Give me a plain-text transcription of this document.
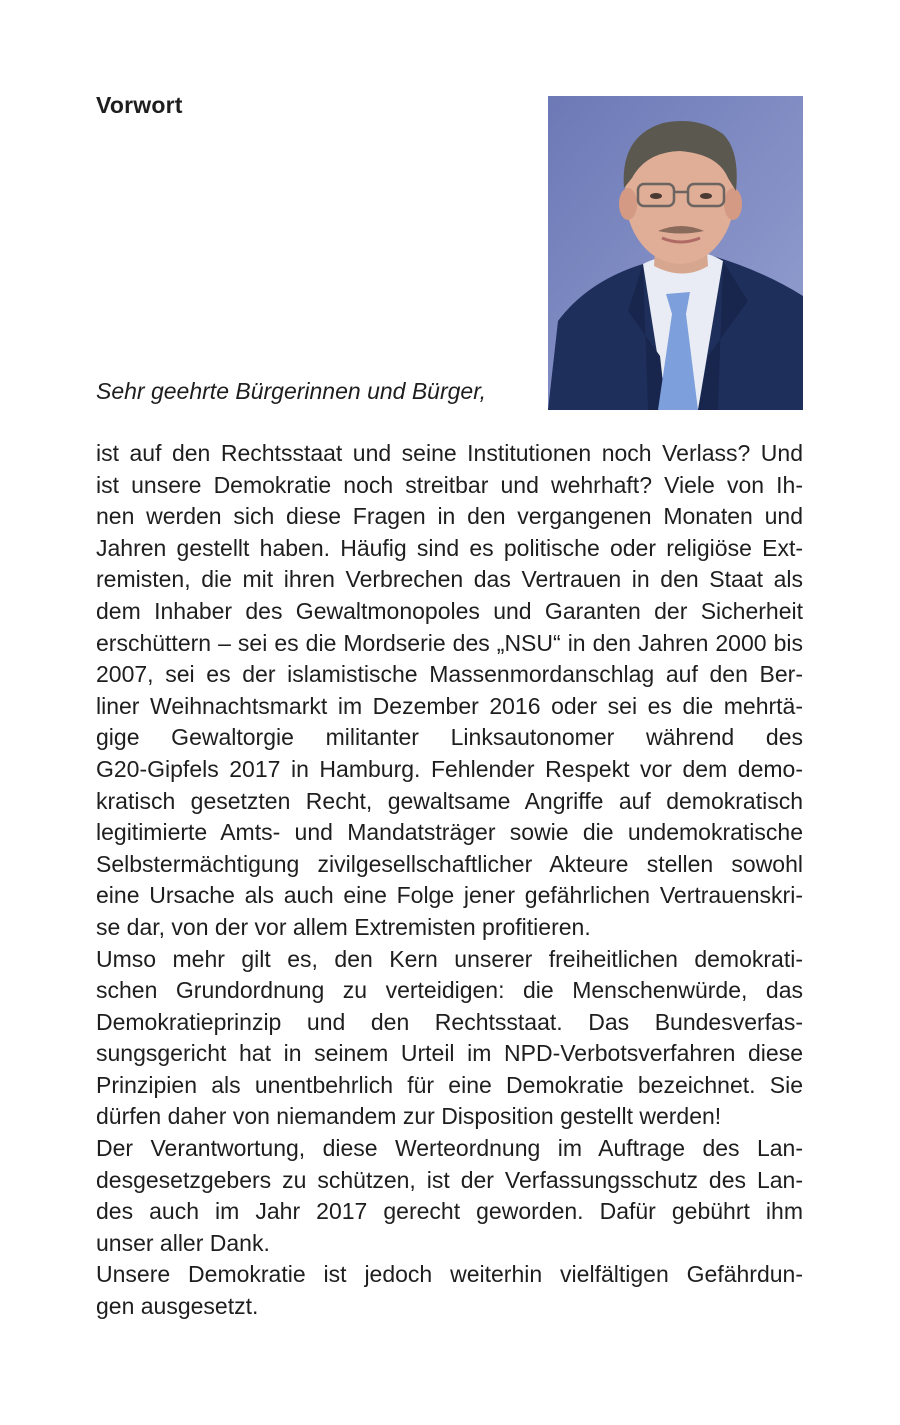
Vorwort
Sehr geehrte Bürgerinnen und Bürger,
ist auf den Rechtsstaat und seine Institutionen noch Verlass? Und
ist unsere Demokratie noch streitbar und wehrhaft? Viele von Ih-
nen werden sich diese Fragen in den vergangenen Monaten und
Jahren gestellt haben. Häufig sind es politische oder religiöse Ext-
remisten, die mit ihren Verbrechen das Vertrauen in den Staat als
dem Inhaber des Gewaltmonopoles und Garanten der Sicherheit
erschüttern – sei es die Mordserie des „NSU“ in den Jahren 2000 bis
2007, sei es der islamistische Massenmordanschlag auf den Ber-
liner Weihnachtsmarkt im Dezember 2016 oder sei es die mehrtä-
gige Gewaltorgie militanter Linksautonomer während des
G20-Gipfels 2017 in Hamburg. Fehlender Respekt vor dem demo-
kratisch gesetzten Recht, gewaltsame Angriffe auf demokratisch
legitimierte Amts- und Mandatsträger sowie die undemokratische
Selbstermächtigung zivilgesellschaftlicher Akteure stellen sowohl
eine Ursache als auch eine Folge jener gefährlichen Vertrauenskri-
se dar, von der vor allem Extremisten profitieren.
Umso mehr gilt es, den Kern unserer freiheitlichen demokrati-
schen Grundordnung zu verteidigen: die Menschenwürde, das
Demokratieprinzip und den Rechtsstaat. Das Bundesverfas-
sungsgericht hat in seinem Urteil im NPD-Verbotsverfahren diese
Prinzipien als unentbehrlich für eine Demokratie bezeichnet. Sie
dürfen daher von niemandem zur Disposition gestellt werden!
Der Verantwortung, diese Werteordnung im Auftrage des Lan-
desgesetzgebers zu schützen, ist der Verfassungsschutz des Lan-
des auch im Jahr 2017 gerecht geworden. Dafür gebührt ihm
unser aller Dank.
Unsere Demokratie ist jedoch weiterhin vielfältigen Gefährdun-
gen ausgesetzt.
